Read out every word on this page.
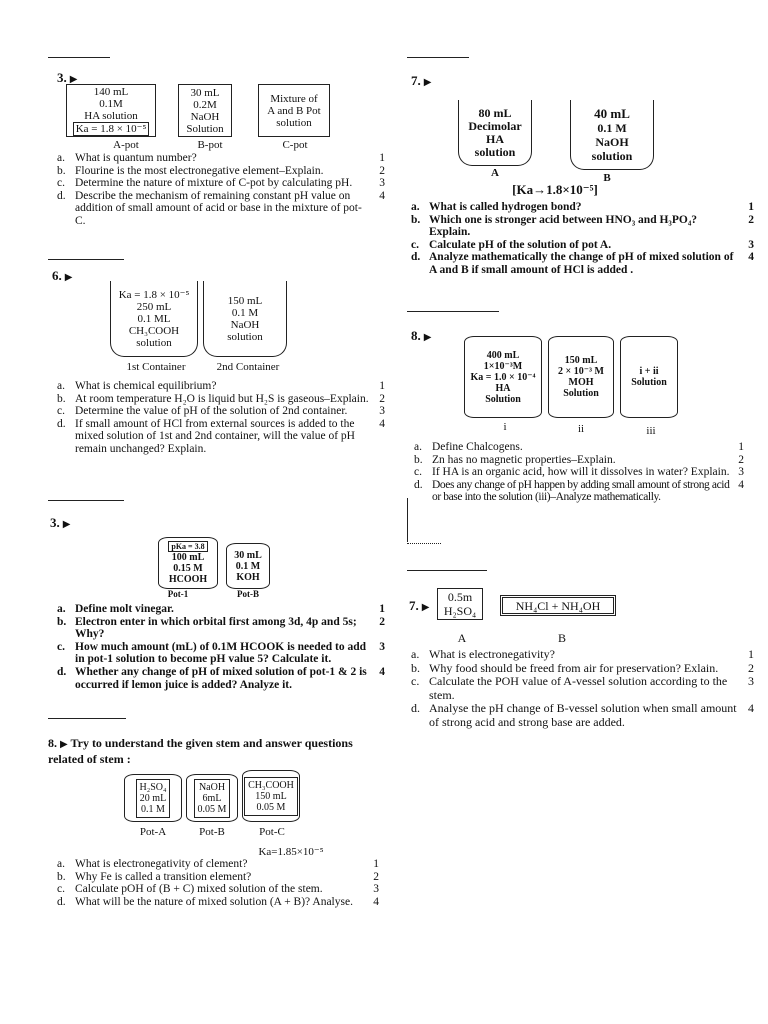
3. ▶
140 mL
0.1M
HA solution
Ka = 1.8 × 10⁻⁵
30 mL
0.2M
NaOH
Solution
Mixture of
A and B Pot
solution
A-pot	B-pot	C-pot
a. What is quantum number?	1
b. Flourine is the most electronegative element–Explain.	2
c. Determine the nature of mixture of C-pot by calculating pH.	3
d. Describe the mechanism of remaining constant pH value on addition of small amount of acid or base in the mixture of pot-C.
4
6. ▶
Ka = 1.8 × 10⁻⁵
250 mL
0.1 ML
CH₃COOH
solution
150 mL
0.1 M
NaOH
solution
1st Container	2nd Container
a. What is chemical equilibrium?	1
b. At room temperature H₂O is liquid but H₂S is gaseous–Explain. 2
c. Determine the value of pH of the solution of 2nd container.	3
d. If small amount of HCl from external sources is added to the mixed solution of 1st and 2nd container, will the value of pH remain unchanged? Explain.
4
3. ▶
pKa = 3.8
100 mL
0.15 M
HCOOH
30 mL
0.1 M
KOH
Pot-1	Pot-B
a. Define molt vinegar.	1
b. Electron enter in which orbital first among 3d, 4p and 5s; Why?
2
c. How much amount (mL) of 0.1M HCOOK is needed to add in pot-1 solution to become pH value 5? Calculate it.
3
d. Whether any change of pH of mixed solution of pot-1 & 2 is occurred if lemon juice is added? Analyze it.
4
8. ▶ Try to understand the given stem and answer questions related of stem :
H₂SO₄
20 mL
0.1 M
NaOH
6mL
0.05 M
CH₃COOH
150 mL
0.05 M
Pot-A	Pot-B	Pot-C
Ka=1.85×10⁻⁵
a. What is electronegativity of clement?	1
b. Why Fe is called a transition element?	2
c. Calculate pOH of (B + C) mixed solution of the stem.	3
d. What will be the nature of mixed solution (A + B)? Analyse.	4
7. ▶
80 mL
Decimolar
HA
solution
40 mL
0.1 M
NaOH
solution
A	B
[Ka→1.8×10⁻⁵]
a. What is called hydrogen bond?	1
b. Which one is stronger acid between HNO₃ and H₃PO₄? Explain.
2
c. Calculate pH of the solution of pot A.	3
d. Analyze mathematically the change of pH of mixed solution of A and B if small amount of HCl is added .
4
8. ▶
400 mL
1×10⁻³M
Ka = 1.0 × 10⁻⁴
HA
Solution
150 mL
2 × 10⁻³ M
MOH
Solution
i + ii
Solution
i	ii	iii
a. Define Chalcogens.	1
b. Zn has no magnetic properties–Explain.	2
c. If HA is an organic acid, how will it dissolves in water? Explain. 3
d. Does any change of pH happen by adding small amount of strong acid or base into the solution (iii)–Analyze mathematically.
4
7. ▶
0.5m
H₂SO₄	NH₄Cl + NH₄OH
A	B
a. What is electronegativity?	1
b. Why food should be freed from air for preservation? Exlain.	2
c. Calculate the POH value of A-vessel solution according to the stem.
3
d. Analyse the pH change of B-vessel solution when small amount of strong acid and strong base are added.
4
